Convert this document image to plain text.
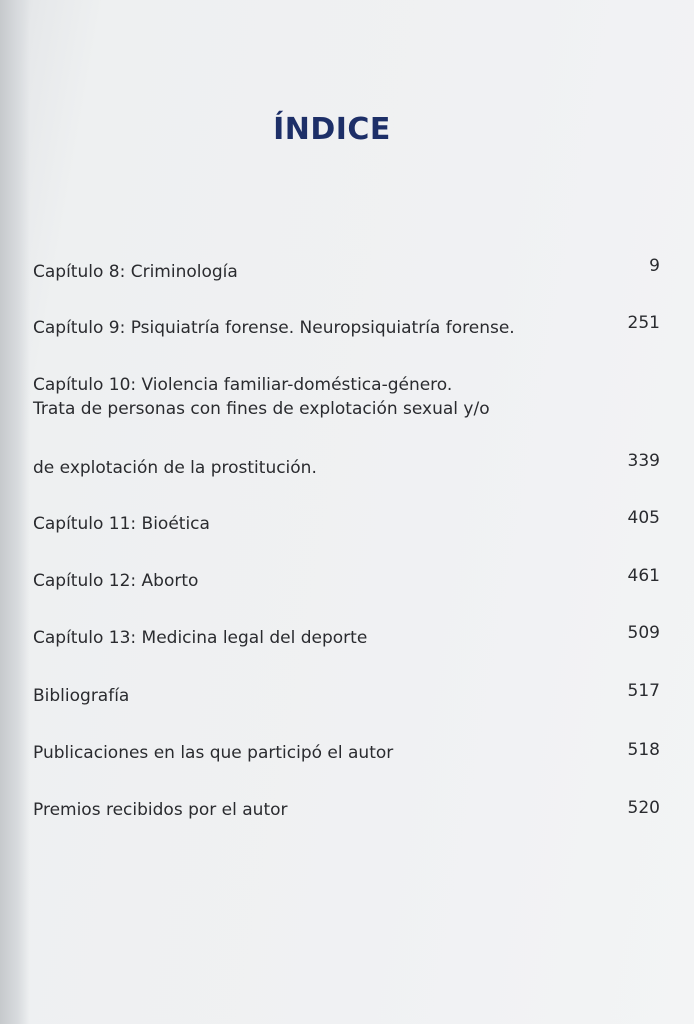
ÍNDICE
Capítulo 8: Criminología	9
Capítulo 9: Psiquiatría forense. Neuropsiquiatría forense.	251
Capítulo 10: Violencia familiar-doméstica-género.
Trata de personas con fines de explotación sexual y/o
de explotación de la prostitución.	339
Capítulo 11: Bioética	405
Capítulo 12: Aborto	461
Capítulo 13: Medicina legal del deporte	509
Bibliografía	517
Publicaciones en las que participó el autor	518
Premios recibidos por el autor	520
